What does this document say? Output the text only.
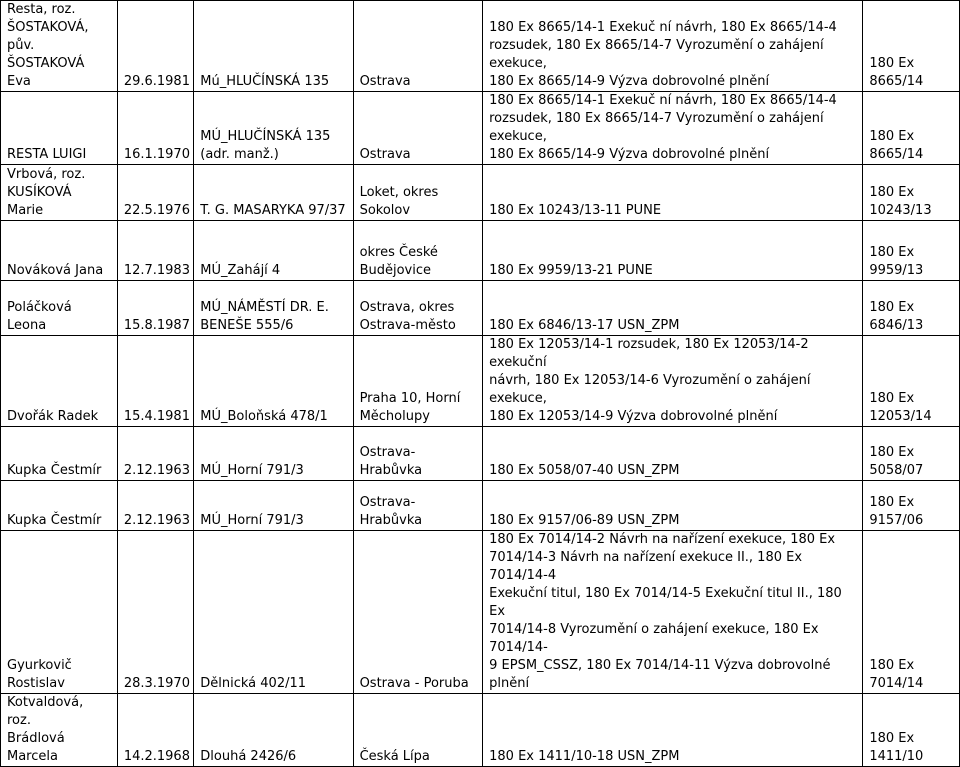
Resta, roz.
ŠOSTAKOVÁ, pův.
ŠOSTAKOVÁ Eva	29.6.1981	Mú_HLUČÍNSKÁ 135	Ostrava	180 Ex 8665/14-1 Exekuč ní návrh, 180 Ex 8665/14-4
rozsudek, 180 Ex 8665/14-7 Vyrozumění o zahájení exekuce,
180 Ex 8665/14-9 Výzva dobrovolné plnění	180 Ex
8665/14

RESTA LUIGI	16.1.1970	MÚ_HLUČÍNSKÁ 135
(adr. manž.)	Ostrava	180 Ex 8665/14-1 Exekuč ní návrh, 180 Ex 8665/14-4
rozsudek, 180 Ex 8665/14-7 Vyrozumění o zahájení exekuce,
180 Ex 8665/14-9 Výzva dobrovolné plnění	180 Ex
8665/14

Vrbová, roz.
KUSÍKOVÁ Marie	22.5.1976	T. G. MASARYKA 97/37	Loket, okres
Sokolov	180 Ex 10243/13-11 PUNE	180 Ex
10243/13

Nováková Jana	12.7.1983	MÚ_Zahájí 4	okres České
Budějovice	180 Ex 9959/13-21 PUNE	180 Ex
9959/13

Poláčková Leona	15.8.1987	MÚ_NÁMĚSTÍ DR. E.
BENEŠE 555/6	Ostrava, okres
Ostrava-město	180 Ex 6846/13-17 USN_ZPM	180 Ex
6846/13

Dvořák Radek	15.4.1981	MÚ_Boloňská 478/1	Praha 10, Horní
Měcholupy	180 Ex 12053/14-1 rozsudek, 180 Ex 12053/14-2 exekuční
návrh, 180 Ex 12053/14-6 Vyrozumění o zahájení exekuce,
180 Ex 12053/14-9 Výzva dobrovolné plnění	180 Ex
12053/14

Kupka Čestmír	2.12.1963	MÚ_Horní 791/3	Ostrava-Hrabůvka	180 Ex 5058/07-40 USN_ZPM	180 Ex
5058/07

Kupka Čestmír	2.12.1963	MÚ_Horní 791/3	Ostrava-Hrabůvka	180 Ex 9157/06-89 USN_ZPM	180 Ex
9157/06

Gyurkovič
Rostislav	28.3.1970	Dělnická 402/11	Ostrava - Poruba	180 Ex 7014/14-2 Návrh na nařízení exekuce, 180 Ex
7014/14-3 Návrh na nařízení exekuce II., 180 Ex 7014/14-4
Exekuční titul, 180 Ex 7014/14-5 Exekuční titul II., 180 Ex
7014/14-8 Vyrozumění o zahájení exekuce, 180 Ex 7014/14-
9 EPSM_CSSZ, 180 Ex 7014/14-11 Výzva dobrovolné plnění	180 Ex
7014/14

Kotvaldová, roz.
Brádlová Marcela	14.2.1968	Dlouhá 2426/6	Česká Lípa	180 Ex 1411/10-18 USN_ZPM	180 Ex
1411/10
